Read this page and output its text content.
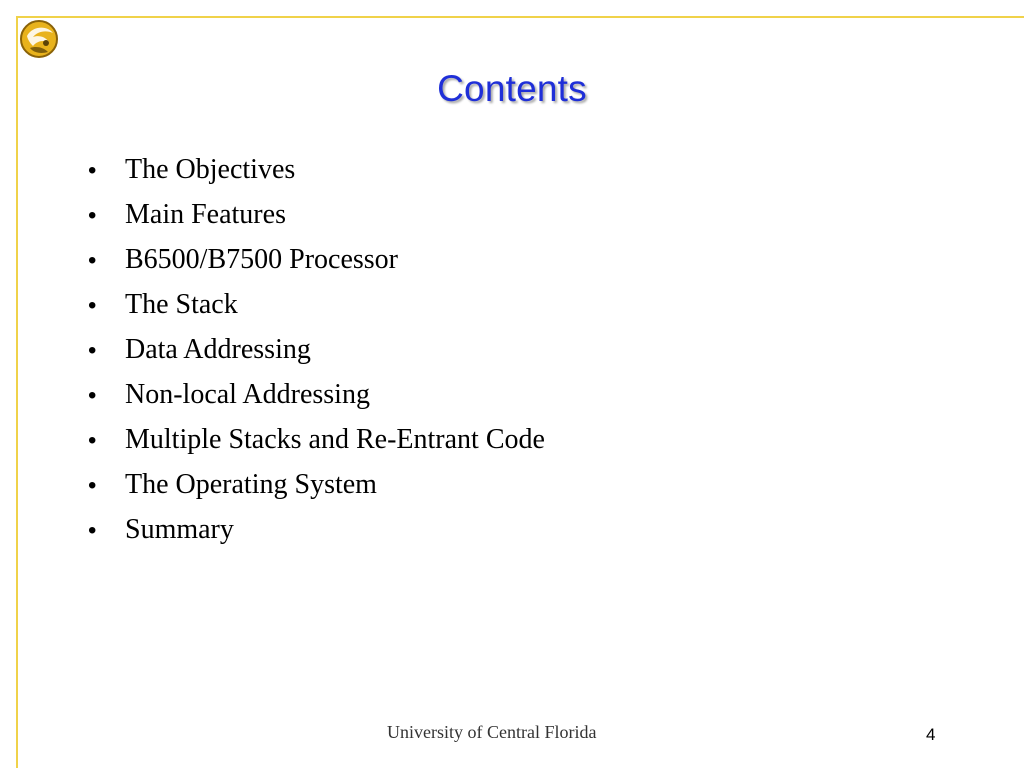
Contents
•	The Objectives
•	Main Features
•	B6500/B7500 Processor
•	The Stack
•	Data Addressing
•	Non-local Addressing
•	Multiple Stacks and Re-Entrant Code
•	The Operating System
•	Summary
University of Central Florida	4
